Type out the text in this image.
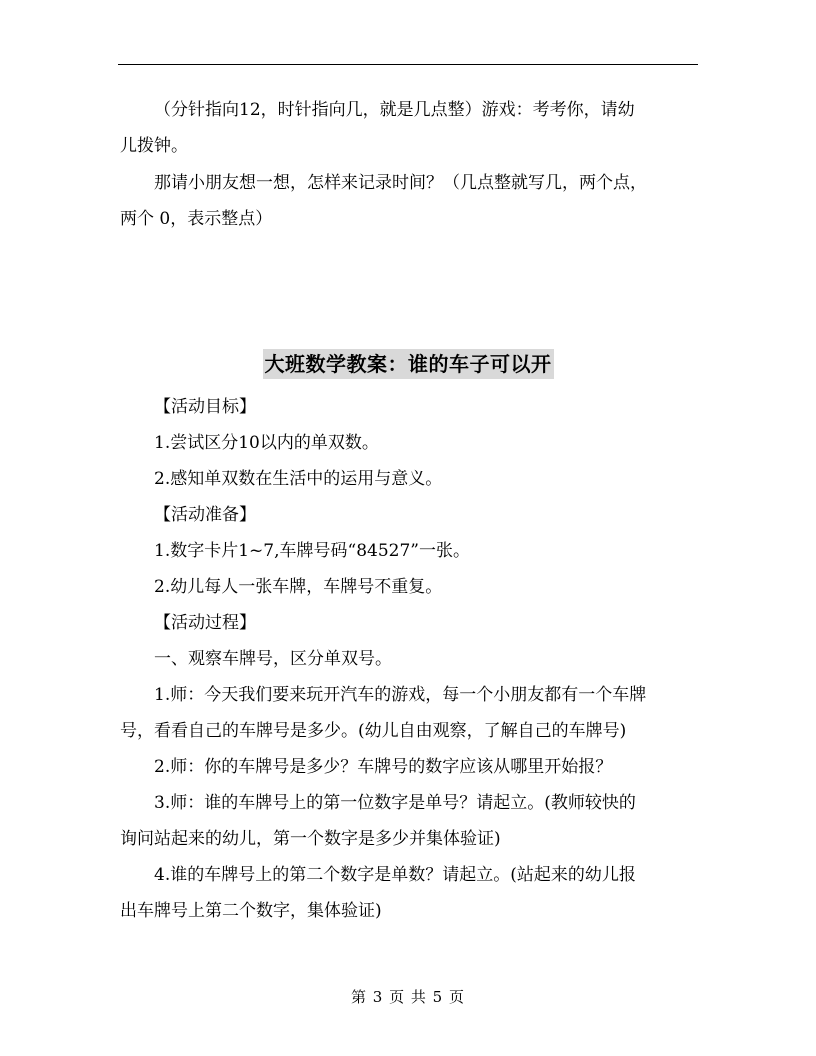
（分针指向12，时针指向几，就是几点整）游戏：考考你，请幼
儿拨钟。
那请小朋友想一想，怎样来记录时间？（几点整就写几，两个点，
两个 0，表示整点）
大班数学教案：谁的车子可以开
【活动目标】
1.尝试区分10以内的单双数。
2.感知单双数在生活中的运用与意义。
【活动准备】
1.数字卡片1~7,车牌号码“84527”一张。
2.幼儿每人一张车牌，车牌号不重复。
【活动过程】
一、观察车牌号，区分单双号。
1.师：今天我们要来玩开汽车的游戏，每一个小朋友都有一个车牌
号，看看自己的车牌号是多少。(幼儿自由观察，了解自己的车牌号)
2.师：你的车牌号是多少？车牌号的数字应该从哪里开始报？
3.师：谁的车牌号上的第一位数字是单号？请起立。(教师较快的
询问站起来的幼儿，第一个数字是多少并集体验证)
4.谁的车牌号上的第二个数字是单数？请起立。(站起来的幼儿报
出车牌号上第二个数字，集体验证)
第 3 页 共 5 页
